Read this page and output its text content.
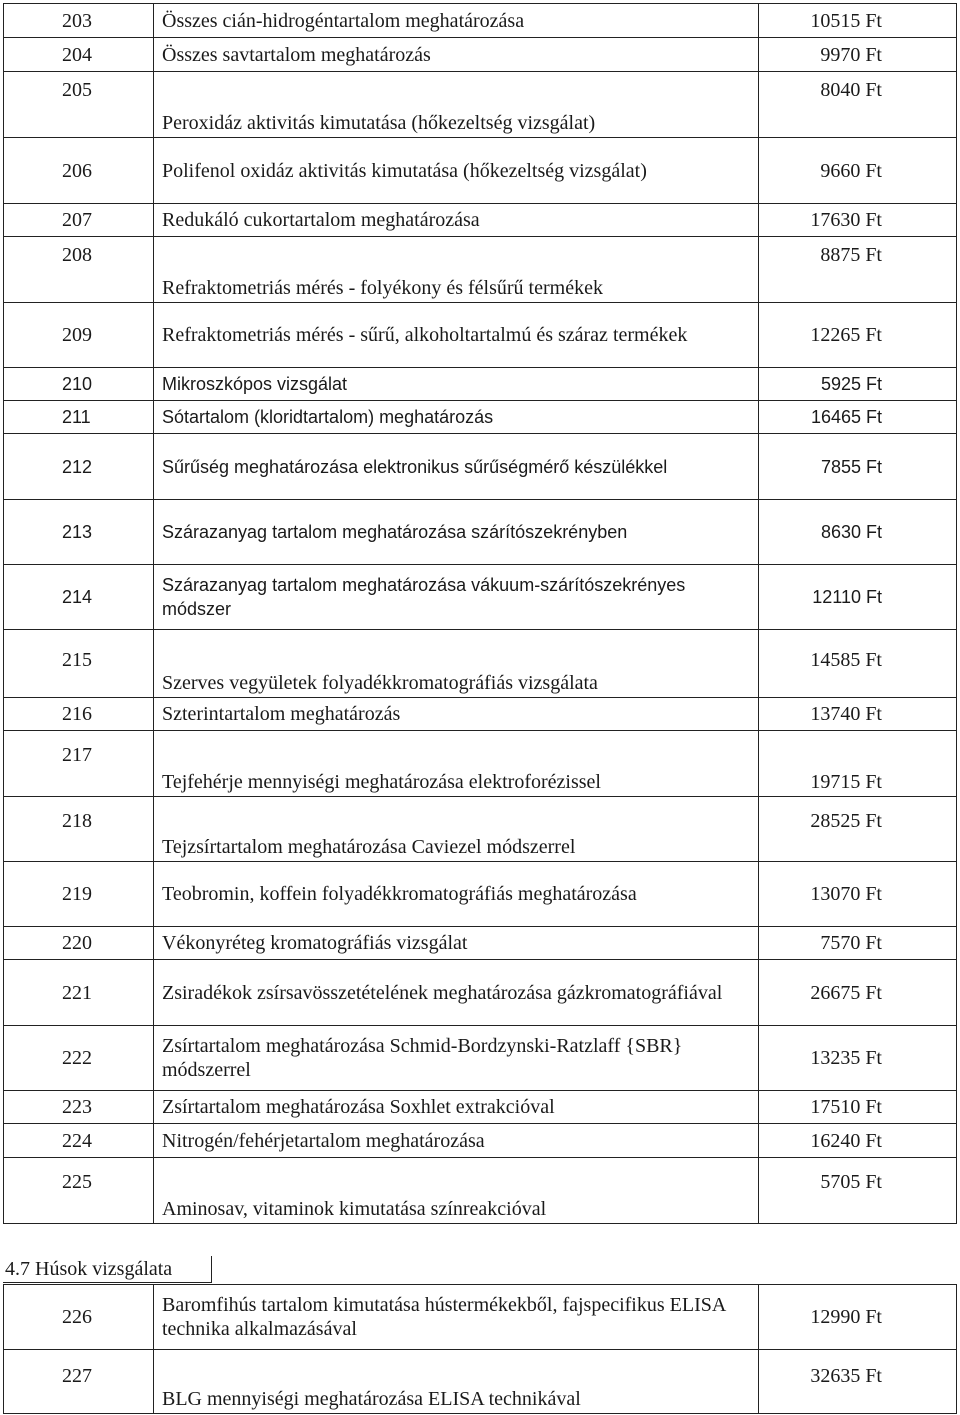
203	Összes cián-hidrogéntartalom meghatározása	10515 Ft
204	Összes savtartalom meghatározás	9970 Ft
205	Peroxidáz aktivitás kimutatása (hőkezeltség vizsgálat)	8040 Ft
206	Polifenol oxidáz aktivitás kimutatása (hőkezeltség vizsgálat)	9660 Ft
207	Redukáló cukortartalom meghatározása	17630 Ft
208	Refraktometriás mérés - folyékony és félsűrű termékek	8875 Ft
209	Refraktometriás mérés - sűrű, alkoholtartalmú és száraz termékek	12265 Ft
210	Mikroszkópos vizsgálat	5925 Ft
211	Sótartalom (kloridtartalom) meghatározás	16465 Ft
212	Sűrűség meghatározása elektronikus sűrűségmérő készülékkel	7855 Ft
213	Szárazanyag tartalom meghatározása szárítószekrényben	8630 Ft
214	Szárazanyag tartalom meghatározása vákuum-szárítószekrényes módszer	12110 Ft
215	Szerves vegyületek folyadékkromatográfiás vizsgálata	14585 Ft
216	Szterintartalom meghatározás	13740 Ft
217	Tejfehérje mennyiségi meghatározása elektroforézissel	19715 Ft
218	Tejzsírtartalom meghatározása Caviezel módszerrel	28525 Ft
219	Teobromin, koffein folyadékkromatográfiás meghatározása	13070 Ft
220	Vékonyréteg kromatográfiás vizsgálat	7570 Ft
221	Zsiradékok zsírsavösszetételének meghatározása gázkromatográfiával	26675 Ft
222	Zsírtartalom meghatározása Schmid-Bordzynski-Ratzlaff {SBR} módszerrel	13235 Ft
223	Zsírtartalom meghatározása Soxhlet extrakcióval	17510 Ft
224	Nitrogén/fehérjetartalom meghatározása	16240 Ft
225	Aminosav, vitaminok kimutatása színreakcióval	5705 Ft
4.7 Húsok vizsgálata
226	Baromfihús tartalom kimutatása hústermékekből, fajspecifikus ELISA technika alkalmazásával	12990 Ft
227	BLG mennyiségi meghatározása ELISA technikával	32635 Ft
